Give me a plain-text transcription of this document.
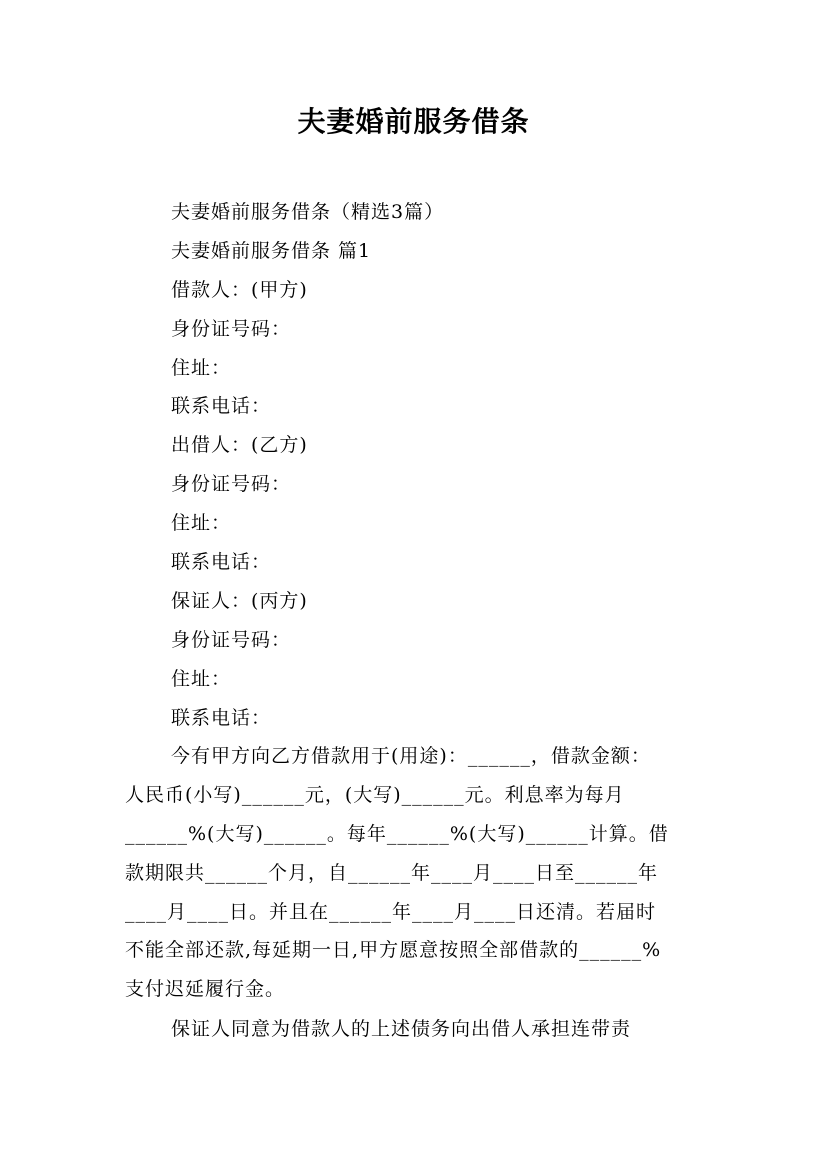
夫妻婚前服务借条
夫妻婚前服务借条（精选3篇）
夫妻婚前服务借条 篇1
借款人：(甲方)
身份证号码：
住址：
联系电话：
出借人：(乙方)
身份证号码：
住址：
联系电话：
保证人：(丙方)
身份证号码：
住址：
联系电话：
今有甲方向乙方借款用于(用途)：______，借款金额：
人民币(小写)______元，(大写)______元。利息率为每月
______%(大写)______。每年______%(大写)______计算。借
款期限共______个月，自______年____月____日至______年
____月____日。并且在______年____月____日还清。若届时
不能全部还款,每延期一日,甲方愿意按照全部借款的______%
支付迟延履行金。
保证人同意为借款人的上述债务向出借人承担连带责
